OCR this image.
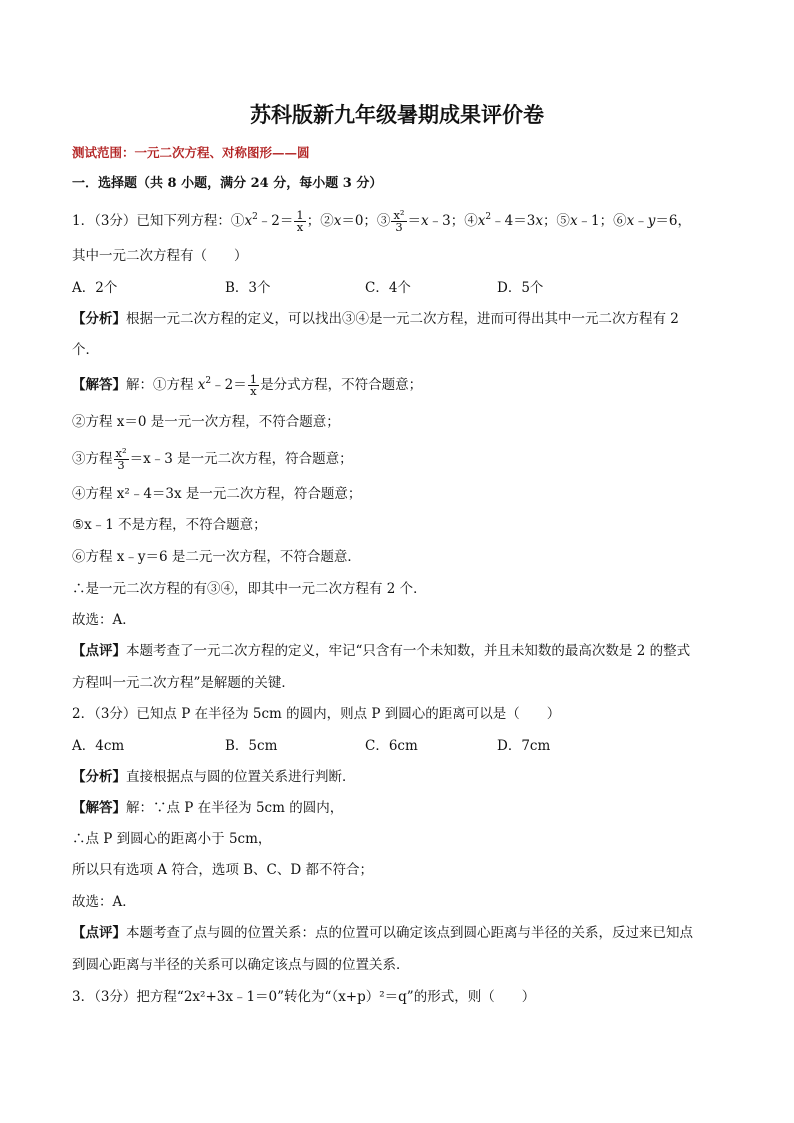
苏科版新九年级暑期成果评价卷
测试范围：一元二次方程、对称图形——圆
一．选择题（共 8 小题，满分 24 分，每小题 3 分）
1．（3分）已知下列方程：$①x^2﹣2= \frac{1}{x}$ ；②x＝0；③ $\frac{\text{x²}}{3}$ ＝x﹣3；$④x^2﹣4=3x$；⑤x﹣1；⑥x﹣y＝6，
其中一元二次方程有（　　）
A．2个	B．3个	C．4个	D．5个
【分析】根据一元二次方程的定义，可以找出③④是一元二次方程，进而可得出其中一元二次方程有 2
个．
【解答】解：①方程 $x^2﹣2= \frac{1}{x}$ 是分式方程，不符合题意；
②方程 x＝0 是一元一次方程，不符合题意；
③方程 $\frac{\text{x²}}{3}$ ＝x﹣3 是一元二次方程，符合题意；
④方程 x²﹣4＝3x 是一元二次方程，符合题意；
⑤x﹣1 不是方程，不符合题意；
⑥方程 x﹣y＝6 是二元一次方程，不符合题意．
∴是一元二次方程的有③④，即其中一元二次方程有 2 个．
故选：A．
【点评】本题考查了一元二次方程的定义，牢记“只含有一个未知数，并且未知数的最高次数是 2 的整式
方程叫一元二次方程”是解题的关键．
2．（3分）已知点 P 在半径为 5cm 的圆内，则点 P 到圆心的距离可以是（　　）
A．4cm	B．5cm	C．6cm	D．7cm
【分析】直接根据点与圆的位置关系进行判断．
【解答】解：∵点 P 在半径为 5cm 的圆内，
∴点 P 到圆心的距离小于 5cm，
所以只有选项 A 符合，选项 B、C、D 都不符合；
故选：A．
【点评】本题考查了点与圆的位置关系：点的位置可以确定该点到圆心距离与半径的关系，反过来已知点
到圆心距离与半径的关系可以确定该点与圆的位置关系．
3．（3分）把方程“2x²+3x﹣1＝0”转化为“（x+p）²＝q”的形式，则（　　）
